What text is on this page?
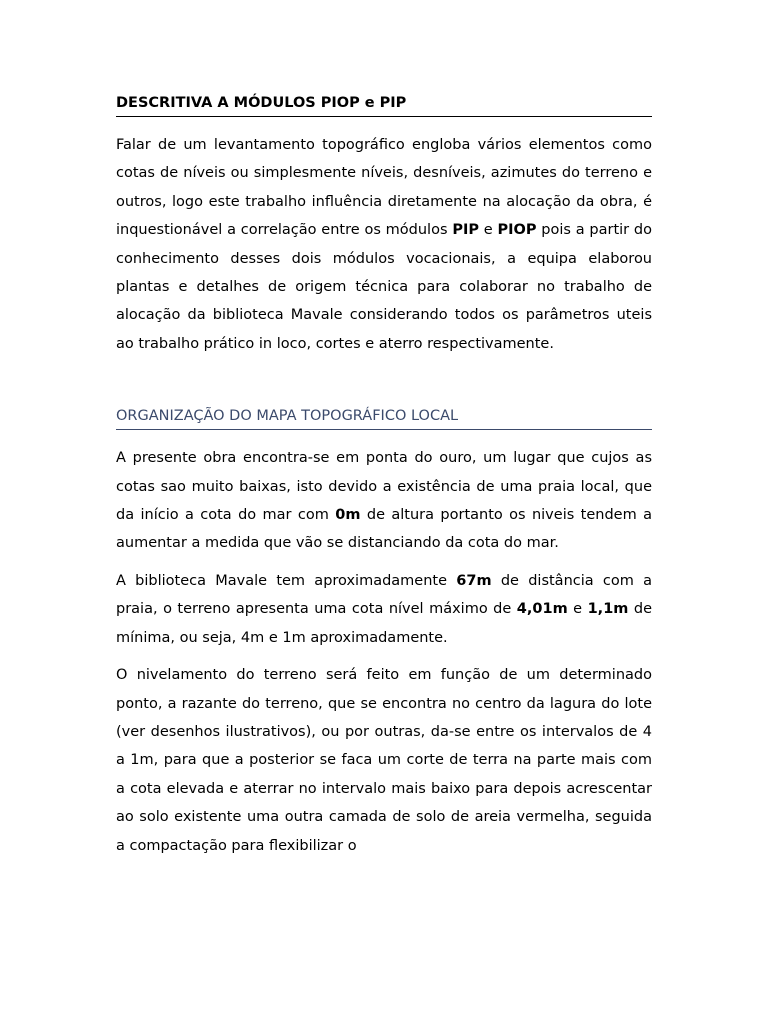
DESCRITIVA A MÓDULOS PIOP e PIP

Falar de um levantamento topográfico engloba vários elementos como cotas de níveis ou simplesmente níveis, desníveis, azimutes do terreno e outros, logo este trabalho influência diretamente na alocação da obra, é inquestionável a correlação entre os módulos PIP e PIOP pois a partir do conhecimento desses dois módulos vocacionais, a equipa elaborou plantas e detalhes de origem técnica para colaborar no trabalho de alocação da biblioteca Mavale considerando todos os parâmetros uteis ao trabalho prático in loco, cortes e aterro respectivamente.

ORGANIZAÇÃO DO MAPA TOPOGRÁFICO LOCAL

A presente obra encontra-se em ponta do ouro, um lugar que cujos as cotas sao muito baixas, isto devido a existência de uma praia local, que da início a cota do mar com 0m de altura portanto os niveis tendem a aumentar a medida que vão se distanciando da cota do mar.

A biblioteca Mavale tem aproximadamente 67m de distância com a praia, o terreno apresenta uma cota nível máximo de 4,01m e 1,1m de mínima, ou seja, 4m e 1m aproximadamente.

O nivelamento do terreno será feito em função de um determinado ponto, a razante do terreno, que se encontra no centro da lagura do lote (ver desenhos ilustrativos), ou por outras, da-se entre os intervalos de 4 a 1m, para que a posterior se faca um corte de terra na parte mais com a cota elevada e aterrar no intervalo mais baixo para depois acrescentar ao solo existente uma outra camada de solo de areia vermelha, seguida a compactação para flexibilizar o
